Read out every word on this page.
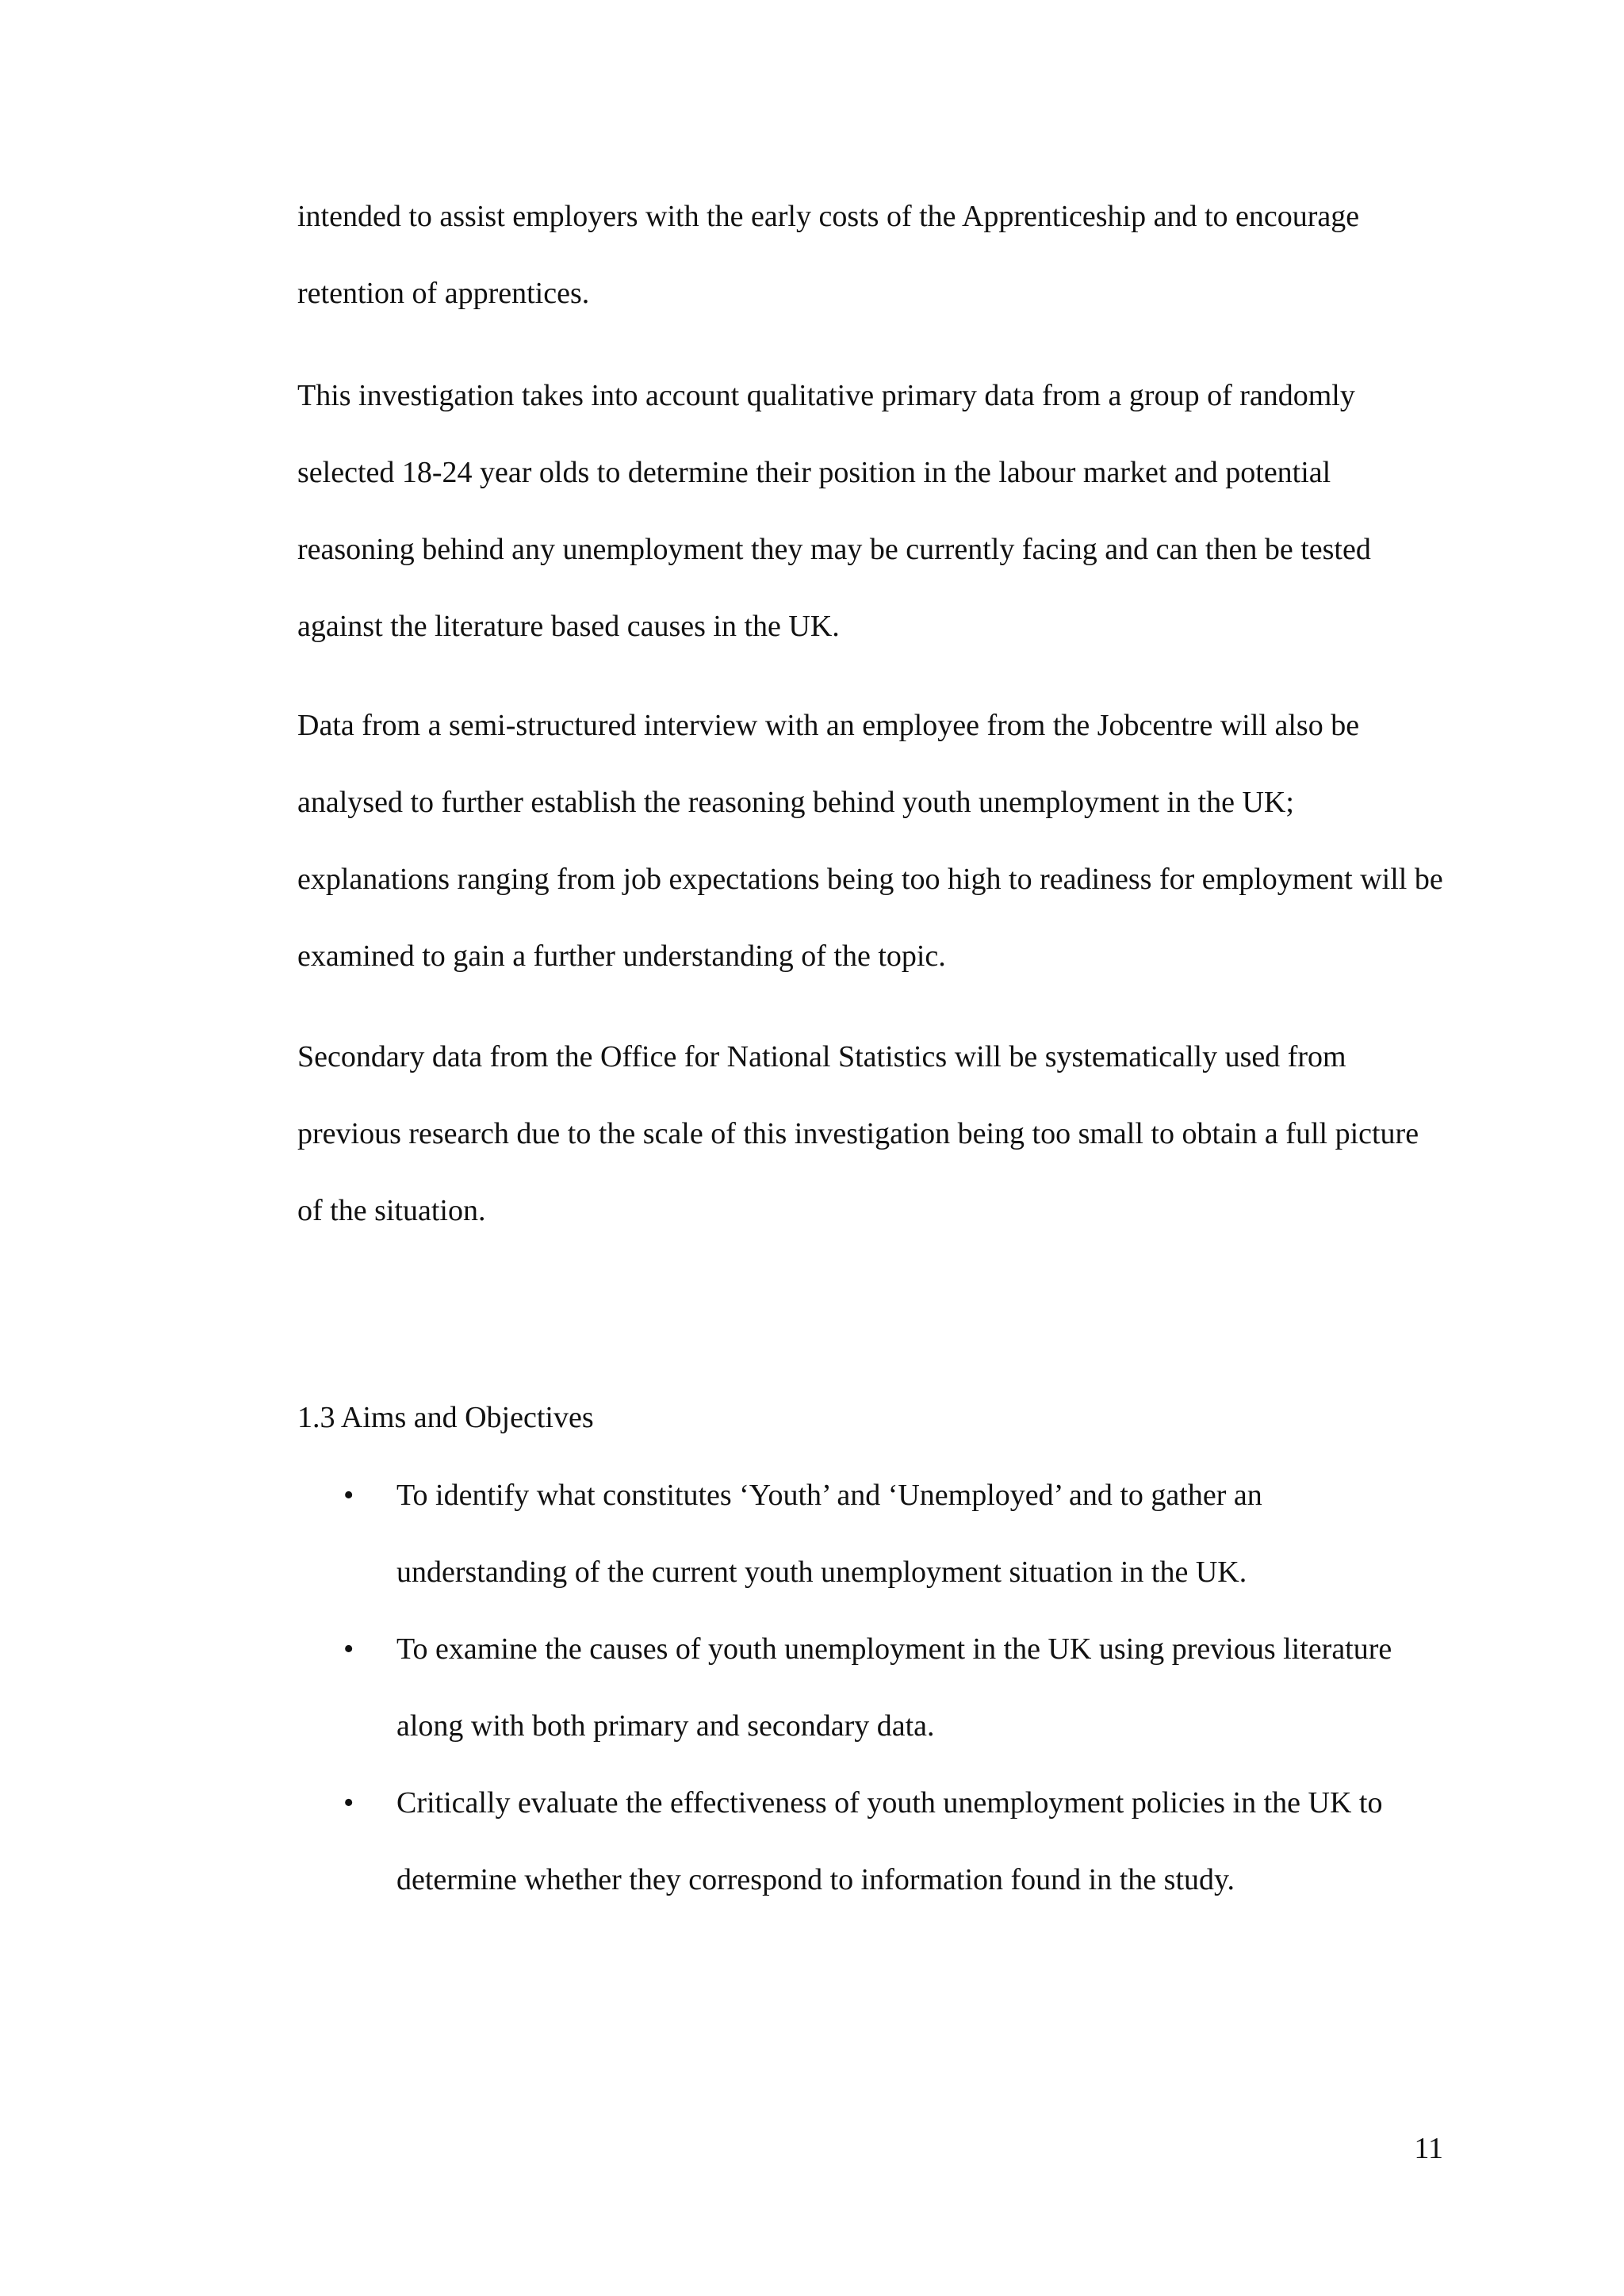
intended to assist employers with the early costs of the Apprenticeship and to encourage retention of apprentices.

This investigation takes into account qualitative primary data from a group of randomly selected 18-24 year olds to determine their position in the labour market and potential reasoning behind any unemployment they may be currently facing and can then be tested against the literature based causes in the UK.

Data from a semi-structured interview with an employee from the Jobcentre will also be analysed to further establish the reasoning behind youth unemployment in the UK; explanations ranging from job expectations being too high to readiness for employment will be examined to gain a further understanding of the topic.

Secondary data from the Office for National Statistics will be systematically used from previous research due to the scale of this investigation being too small to obtain a full picture of the situation.

1.3 Aims and Objectives
• To identify what constitutes ‘Youth’ and ‘Unemployed’ and to gather an understanding of the current youth unemployment situation in the UK.
• To examine the causes of youth unemployment in the UK using previous literature along with both primary and secondary data.
• Critically evaluate the effectiveness of youth unemployment policies in the UK to determine whether they correspond to information found in the study.
11
